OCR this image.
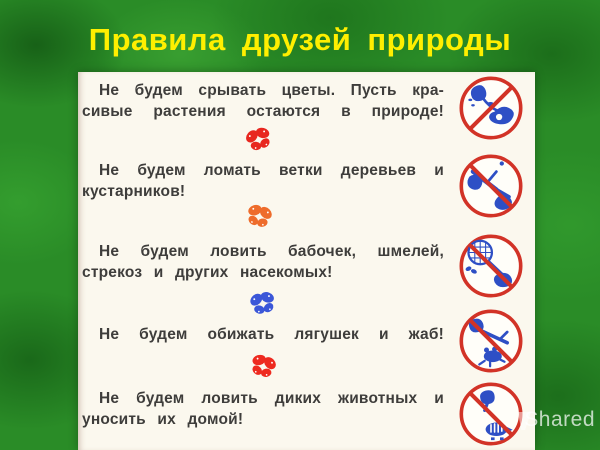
Правила друзей природы
Не будем срывать цветы. Пусть кра-
сивые растения остаются в природе!
Не будем ломать ветки деревьев и
кустарников!
Не будем ловить бабочек, шмелей,
стрекоз и других насекомых!
Не будем обижать лягушек и жаб!
Не будем ловить диких животных и
уносить их домой!	Shared
